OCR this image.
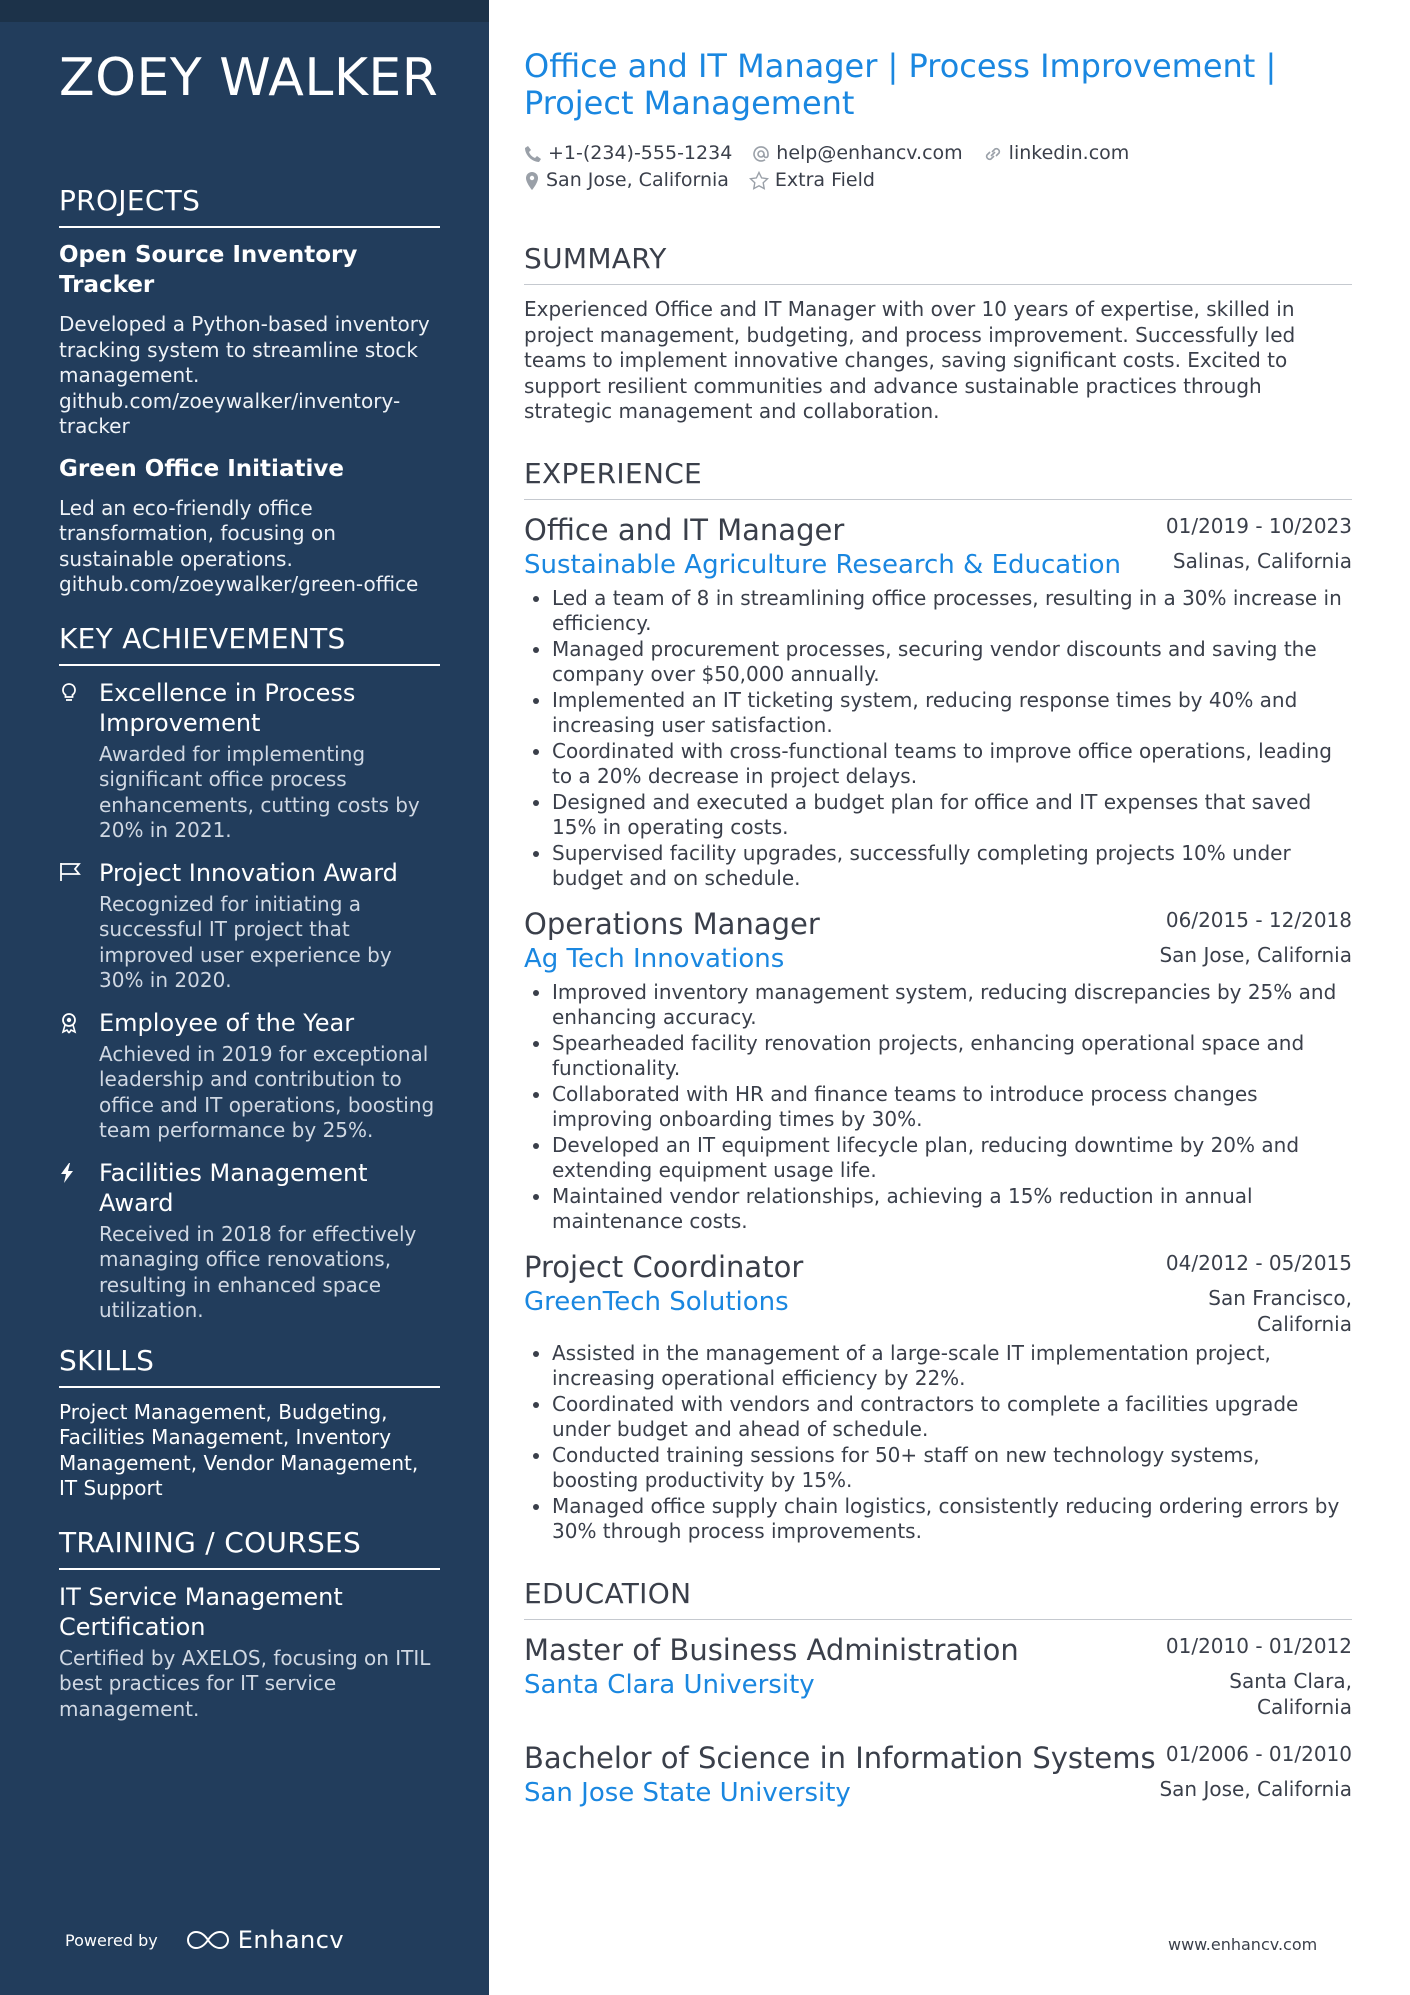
ZOEY WALKER
PROJECTS
Open Source Inventory Tracker

Developed a Python-based inventory tracking system to streamline stock management. github.com/zoeywalker/inventory-tracker

Green Office Initiative

Led an eco-friendly office transformation, focusing on sustainable operations. github.com/zoeywalker/green-office

KEY ACHIEVEMENTS
Excellence in Process Improvement

Awarded for implementing significant office process enhancements, cutting costs by 20% in 2021.

Project Innovation Award

Recognized for initiating a successful IT project that improved user experience by 30% in 2020.

Employee of the Year

Achieved in 2019 for exceptional leadership and contribution to office and IT operations, boosting team performance by 25%.

Facilities Management Award

Received in 2018 for effectively managing office renovations, resulting in enhanced space utilization.

SKILLS

Project Management, Budgeting, Facilities Management, Inventory Management, Vendor Management, IT Support

TRAINING / COURSES
IT Service Management Certification

Certified by AXELOS, focusing on ITIL best practices for IT service management.

Powered by	Enhancv
Office and IT Manager | Process Improvement | Project Management
+1-(234)-555-1234 help@enhancv.com linkedin.com
San Jose, California Extra Field
SUMMARY

Experienced Office and IT Manager with over 10 years of expertise, skilled in project management, budgeting, and process improvement. Successfully led teams to implement innovative changes, saving significant costs. Excited to support resilient communities and advance sustainable practices through strategic management and collaboration.

EXPERIENCE
Office and IT Manager	01/2019 - 10/2023
Sustainable Agriculture Research & Education	Salinas, California
• Led a team of 8 in streamlining office processes, resulting in a 30% increase in efficiency.
• Managed procurement processes, securing vendor discounts and saving the company over $50,000 annually.
• Implemented an IT ticketing system, reducing response times by 40% and increasing user satisfaction.
• Coordinated with cross-functional teams to improve office operations, leading to a 20% decrease in project delays.
• Designed and executed a budget plan for office and IT expenses that saved 15% in operating costs.
• Supervised facility upgrades, successfully completing projects 10% under budget and on schedule.
Operations Manager	06/2015 - 12/2018
Ag Tech Innovations	San Jose, California
• Improved inventory management system, reducing discrepancies by 25% and enhancing accuracy.
• Spearheaded facility renovation projects, enhancing operational space and functionality.
• Collaborated with HR and finance teams to introduce process changes improving onboarding times by 30%.
• Developed an IT equipment lifecycle plan, reducing downtime by 20% and extending equipment usage life.
• Maintained vendor relationships, achieving a 15% reduction in annual maintenance costs.
Project Coordinator	04/2012 - 05/2015
GreenTech Solutions	San Francisco,
California
• Assisted in the management of a large-scale IT implementation project, increasing operational efficiency by 22%.
• Coordinated with vendors and contractors to complete a facilities upgrade under budget and ahead of schedule.
• Conducted training sessions for 50+ staff on new technology systems, boosting productivity by 15%.
• Managed office supply chain logistics, consistently reducing ordering errors by 30% through process improvements.
EDUCATION
Master of Business Administration	01/2010 - 01/2012
Santa Clara University	Santa Clara,
California
Bachelor of Science in Information Systems 01/2006 - 01/2010
San Jose State University	San Jose, California
www.enhancv.com
